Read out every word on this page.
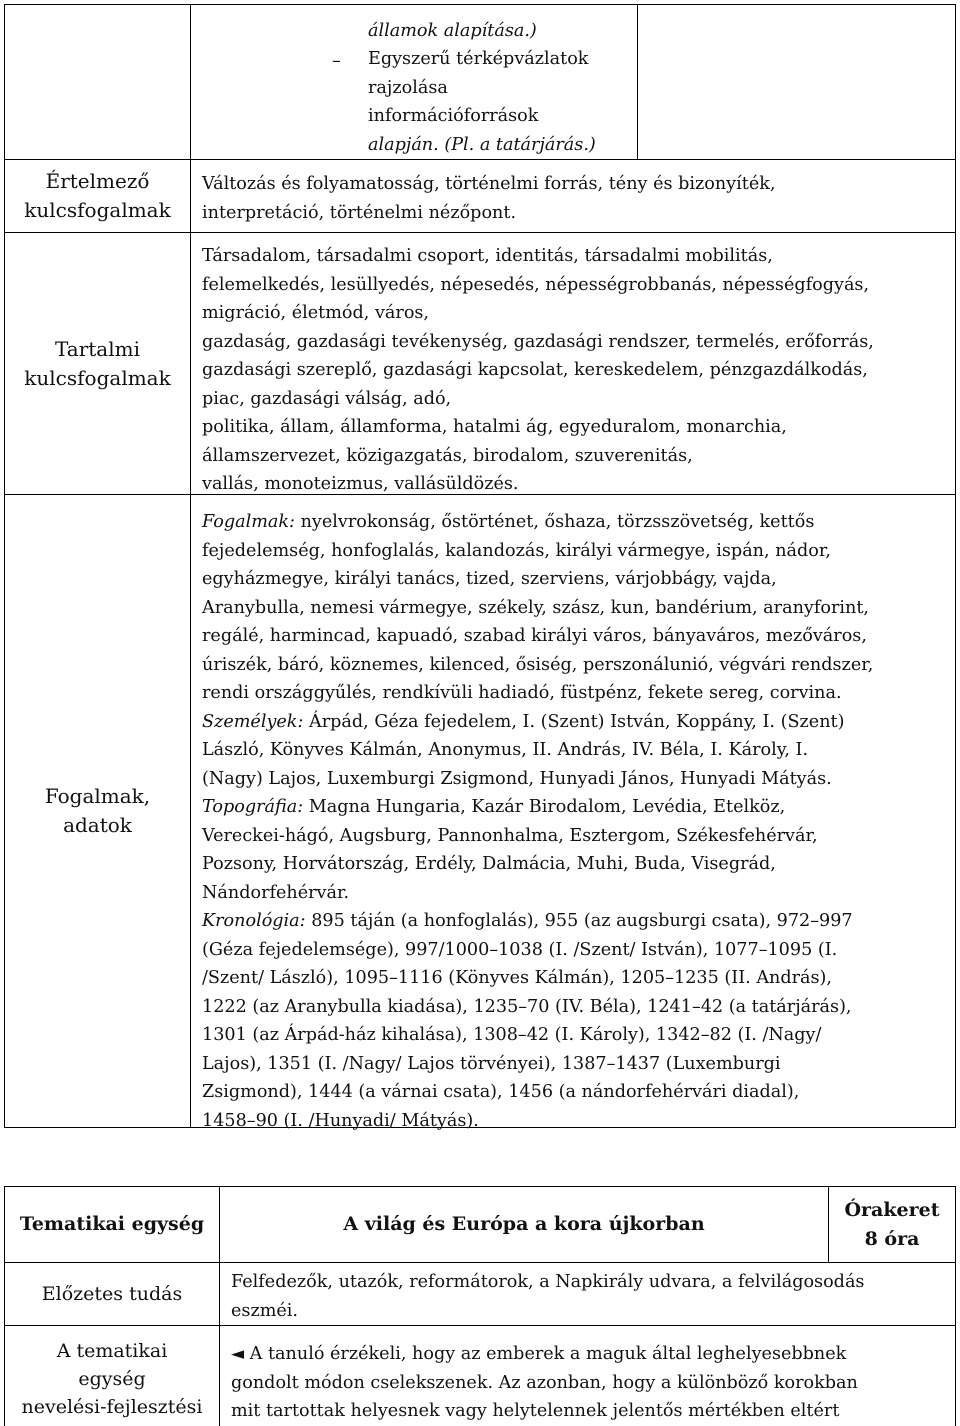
államok alapítása.)
– Egyszerű térképvázlatok
rajzolása
információforrások
alapján. (Pl. a tatárjárás.)
Értelmező
kulcsfogalmak
Változás és folyamatosság, történelmi forrás, tény és bizonyíték,
interpretáció, történelmi nézőpont.
Tartalmi
kulcsfogalmak
Társadalom, társadalmi csoport, identitás, társadalmi mobilitás,
felemelkedés, lesüllyedés, népesedés, népességrobbanás, népességfogyás,
migráció, életmód, város,
gazdaság, gazdasági tevékenység, gazdasági rendszer, termelés, erőforrás,
gazdasági szereplő, gazdasági kapcsolat, kereskedelem, pénzgazdálkodás,
piac, gazdasági válság, adó,
politika, állam, államforma, hatalmi ág, egyeduralom, monarchia,
államszervezet, közigazgatás, birodalom, szuverenitás,
vallás, monoteizmus, vallásüldözés.
Fogalmak,
adatok
Fogalmak: nyelvrokonság, őstörténet, őshaza, törzsszövetség, kettős
fejedelemség, honfoglalás, kalandozás, királyi vármegye, ispán, nádor,
egyházmegye, királyi tanács, tized, szerviens, várjobbágy, vajda,
Aranybulla, nemesi vármegye, székely, szász, kun, bandérium, aranyforint,
regálé, harmincad, kapuadó, szabad királyi város, bányaváros, mezőváros,
úriszék, báró, köznemes, kilenced, ősiség, perszonálunió, végvári rendszer,
rendi országgyűlés, rendkívüli hadiadó, füstpénz, fekete sereg, corvina.
Személyek: Árpád, Géza fejedelem, I. (Szent) István, Koppány, I. (Szent)
László, Könyves Kálmán, Anonymus, II. András, IV. Béla, I. Károly, I.
(Nagy) Lajos, Luxemburgi Zsigmond, Hunyadi János, Hunyadi Mátyás.
Topográfia: Magna Hungaria, Kazár Birodalom, Levédia, Etelköz,
Vereckei-hágó, Augsburg, Pannonhalma, Esztergom, Székesfehérvár,
Pozsony, Horvátország, Erdély, Dalmácia, Muhi, Buda, Visegrád,
Nándorfehérvár.
Kronológia: 895 táján (a honfoglalás), 955 (az augsburgi csata), 972–997
(Géza fejedelemsége), 997/1000–1038 (I. /Szent/ István), 1077–1095 (I.
/Szent/ László), 1095–1116 (Könyves Kálmán), 1205–1235 (II. András),
1222 (az Aranybulla kiadása), 1235–70 (IV. Béla), 1241–42 (a tatárjárás),
1301 (az Árpád-ház kihalása), 1308–42 (I. Károly), 1342–82 (I. /Nagy/
Lajos), 1351 (I. /Nagy/ Lajos törvényei), 1387–1437 (Luxemburgi
Zsigmond), 1444 (a várnai csata), 1456 (a nándorfehérvári diadal),
1458–90 (I. /Hunyadi/ Mátyás).
Tematikai egység	A világ és Európa a kora újkorban
Órakeret
8 óra
Előzetes tudás
Felfedezők, utazók, reformátorok, a Napkirály udvara, a felvilágosodás
eszméi.
A tematikai
egység
nevelési-fejlesztési
◄ A tanuló érzékeli, hogy az emberek a maguk által leghelyesebbnek
gondolt módon cselekszenek. Az azonban, hogy a különböző korokban
mit tartottak helyesnek vagy helytelennek jelentős mértékben eltért
